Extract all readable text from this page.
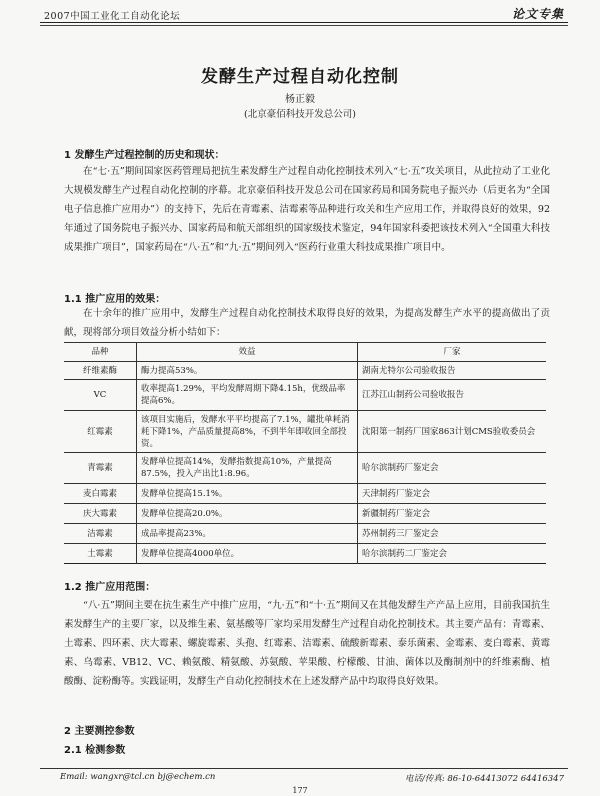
2007中国工业化工自动化论坛	论文专集
发酵生产过程自动化控制
杨正毅
(北京豪佰科技开发总公司)
1 发酵生产过程控制的历史和现状：
在“七·五”期间国家医药管理局把抗生素发酵生产过程自动化控制技术列入“七·五”攻关项目，从此拉动了工业化大规模发酵生产过程自动化控制的序幕。北京豪佰科技开发总公司在国家药局和国务院电子振兴办（后更名为“全国电子信息推广应用办”）的支持下，先后在青霉素、洁霉素等品种进行攻关和生产应用工作，并取得良好的效果，92年通过了国务院电子振兴办、国家药局和航天部组织的国家级技术鉴定，94年国家科委把该技术列入“全国重大科技成果推广项目”，国家药局在“八·五”和“九·五”期间列入“医药行业重大科技成果推广项目中。
1.1 推广应用的效果：
在十余年的推广应用中，发酵生产过程自动化控制技术取得良好的效果，为提高发酵生产水平的提高做出了贡献，现将部分项目效益分析小结如下：
品种	效益	厂家
纤维素酶	酶力提高53%。	湖南尤特尔公司验收报告
VC	收率提高1.29%，平均发酵周期下降4.15h，优级品率提高6%。	江苏江山制药公司验收报告
红霉素	该项目实施后，发酵水平平均提高了7.1%，罐批单耗消耗下降1%，产品质量提高8%，不到半年即收回全部投资。	沈阳第一制药厂国家863计划CMS验收委员会
青霉素	发酵单位提高14%，发酵指数提高10%，产量提高87.5%，投入产出比1:8.96。	哈尔滨制药厂鉴定会
麦白霉素	发酵单位提高15.1%。	天津制药厂鉴定会
庆大霉素	发酵单位提高20.0%。	新疆制药厂鉴定会
洁霉素	成品率提高23%。	苏州制药三厂鉴定会
土霉素	发酵单位提高4000单位。	哈尔滨制药二厂鉴定会
1.2 推广应用范围：
“八·五”期间主要在抗生素生产中推广应用，“九·五”和“十·五”期间又在其他发酵生产产品上应用，目前我国抗生素发酵生产的主要厂家，以及维生素、氨基酸等厂家均采用发酵生产过程自动化控制技术。其主要产品有：青霉素、土霉素、四环素、庆大霉素、螺旋霉素、头孢、红霉素、洁霉素、硫酸新霉素、泰乐菌素、金霉素、麦白霉素、黄霉素、乌霉素、VB12、VC、赖氨酸、精氨酸、苏氨酸、苹果酸、柠檬酸、甘油、菌体以及酶制剂中的纤维素酶、植酸酶、淀粉酶等。实践证明，发酵生产自动化控制技术在上述发酵产品中均取得良好效果。
2 主要测控参数
2.1 检测参数
Email: wangxr@tcl.cn bj@echem.cn	电话/传真: 86-10-64413072 64416347
177
